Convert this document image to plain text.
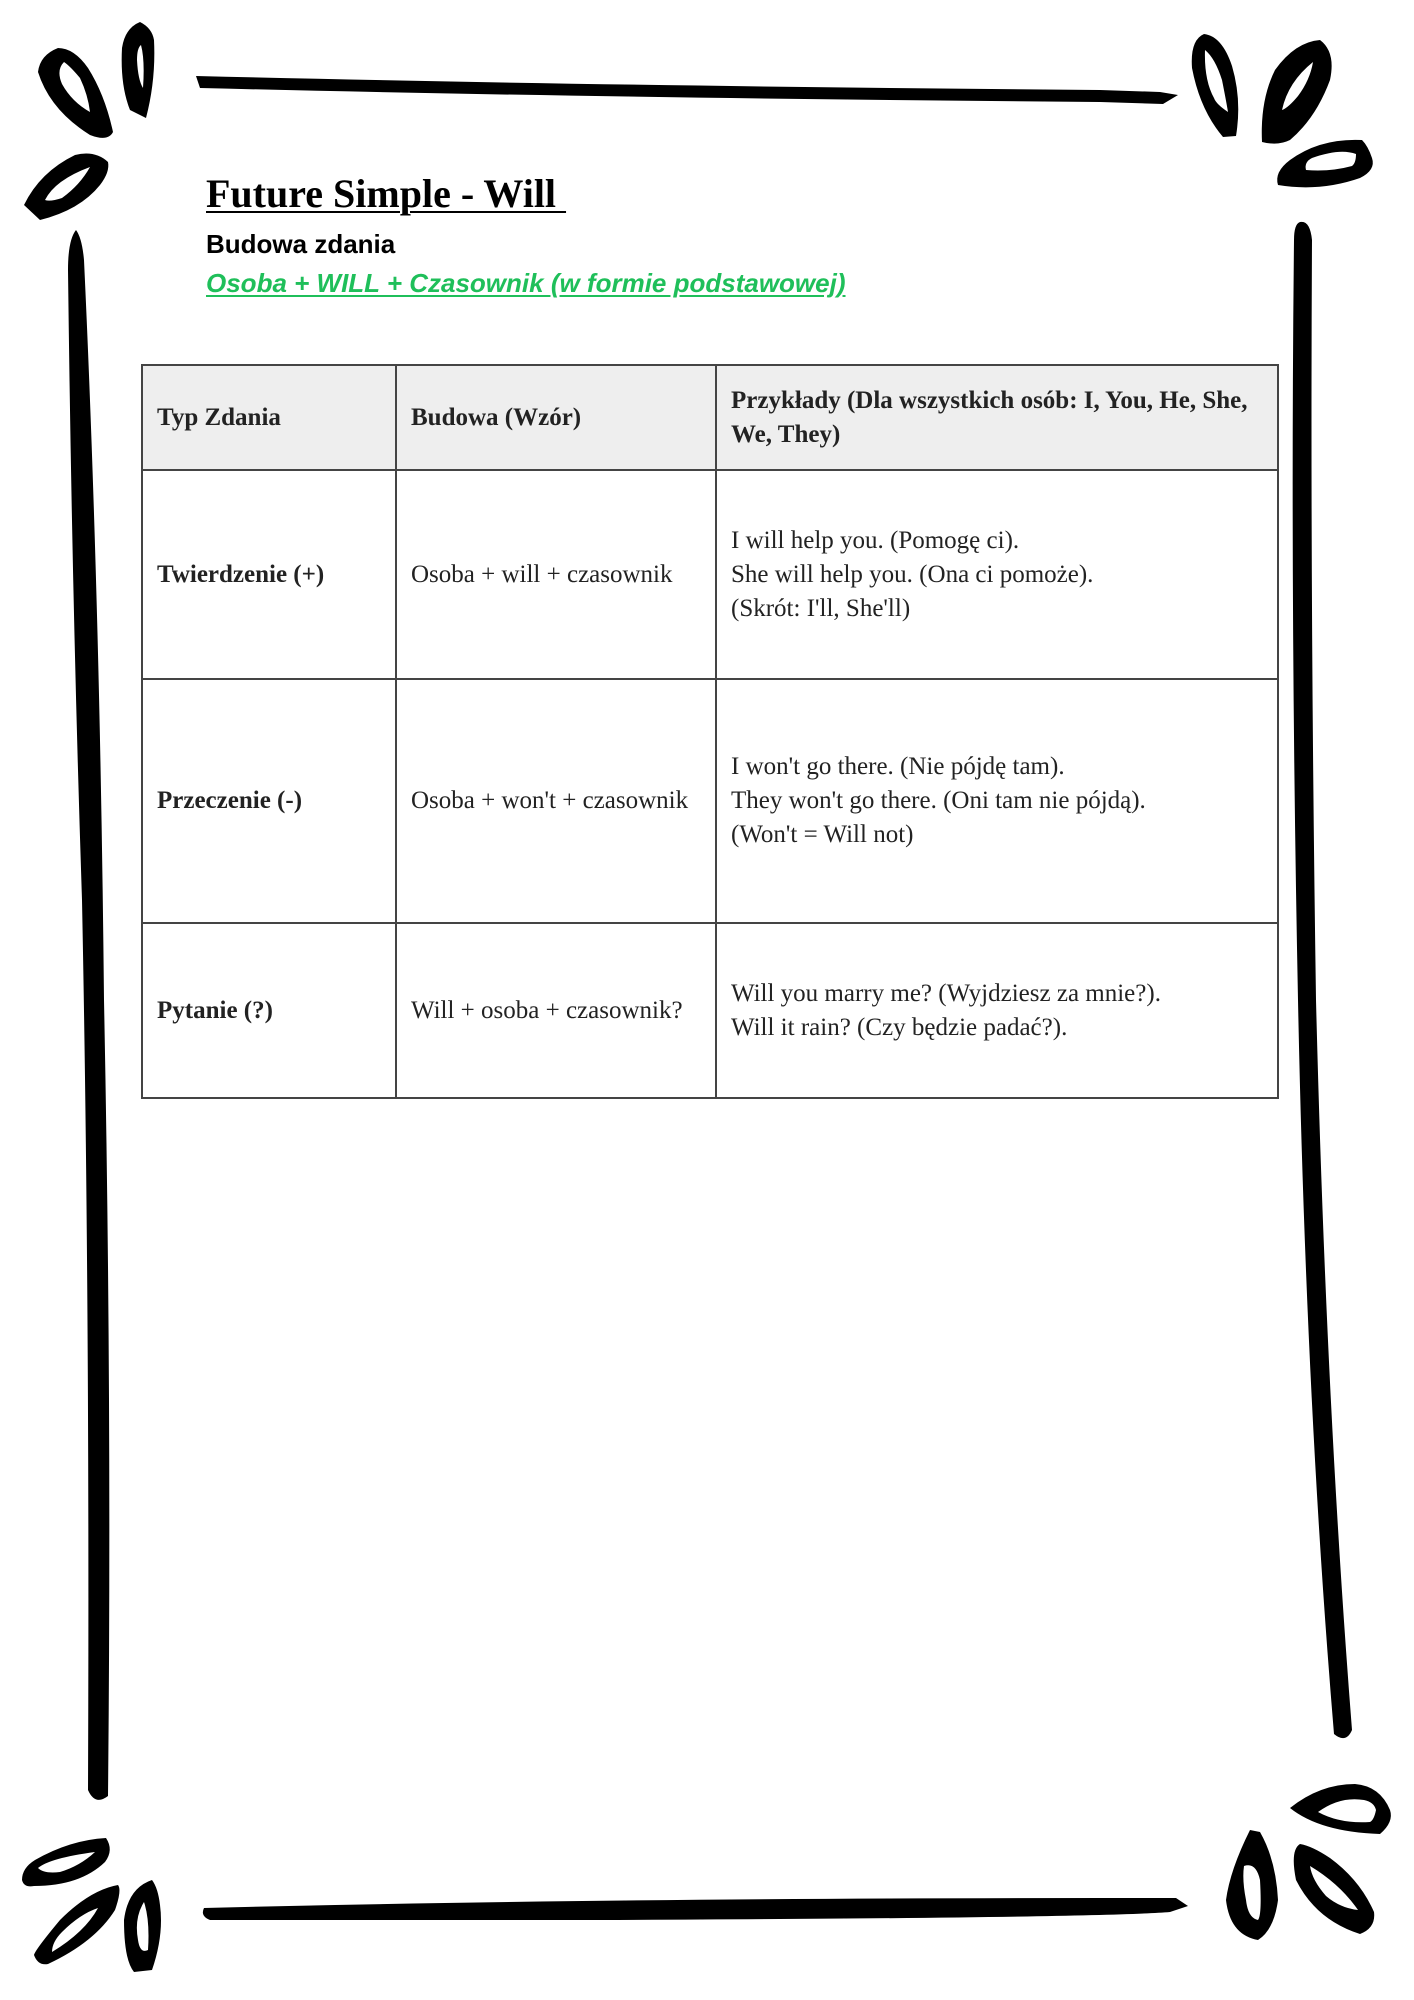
Future Simple - Will

Budowa zdania

Osoba + WILL + Czasownik (w formie podstawowej)

Typ Zdania	Budowa (Wzór)	Przykłady (Dla wszystkich osób: I, You, He, She, We, They)
Twierdzenie (+)	Osoba + will + czasownik	I will help you. (Pomogę ci).
She will help you. (Ona ci pomoże).
(Skrót: I'll, She'll)

Przeczenie (-)	Osoba + won't + czasownik	I won't go there. (Nie pójdę tam).
They won't go there. (Oni tam nie pójdą).
(Won't = Will not)

Pytanie (?)	Will + osoba + czasownik?	Will you marry me? (Wyjdziesz za mnie?).
Will it rain? (Czy będzie padać?).
